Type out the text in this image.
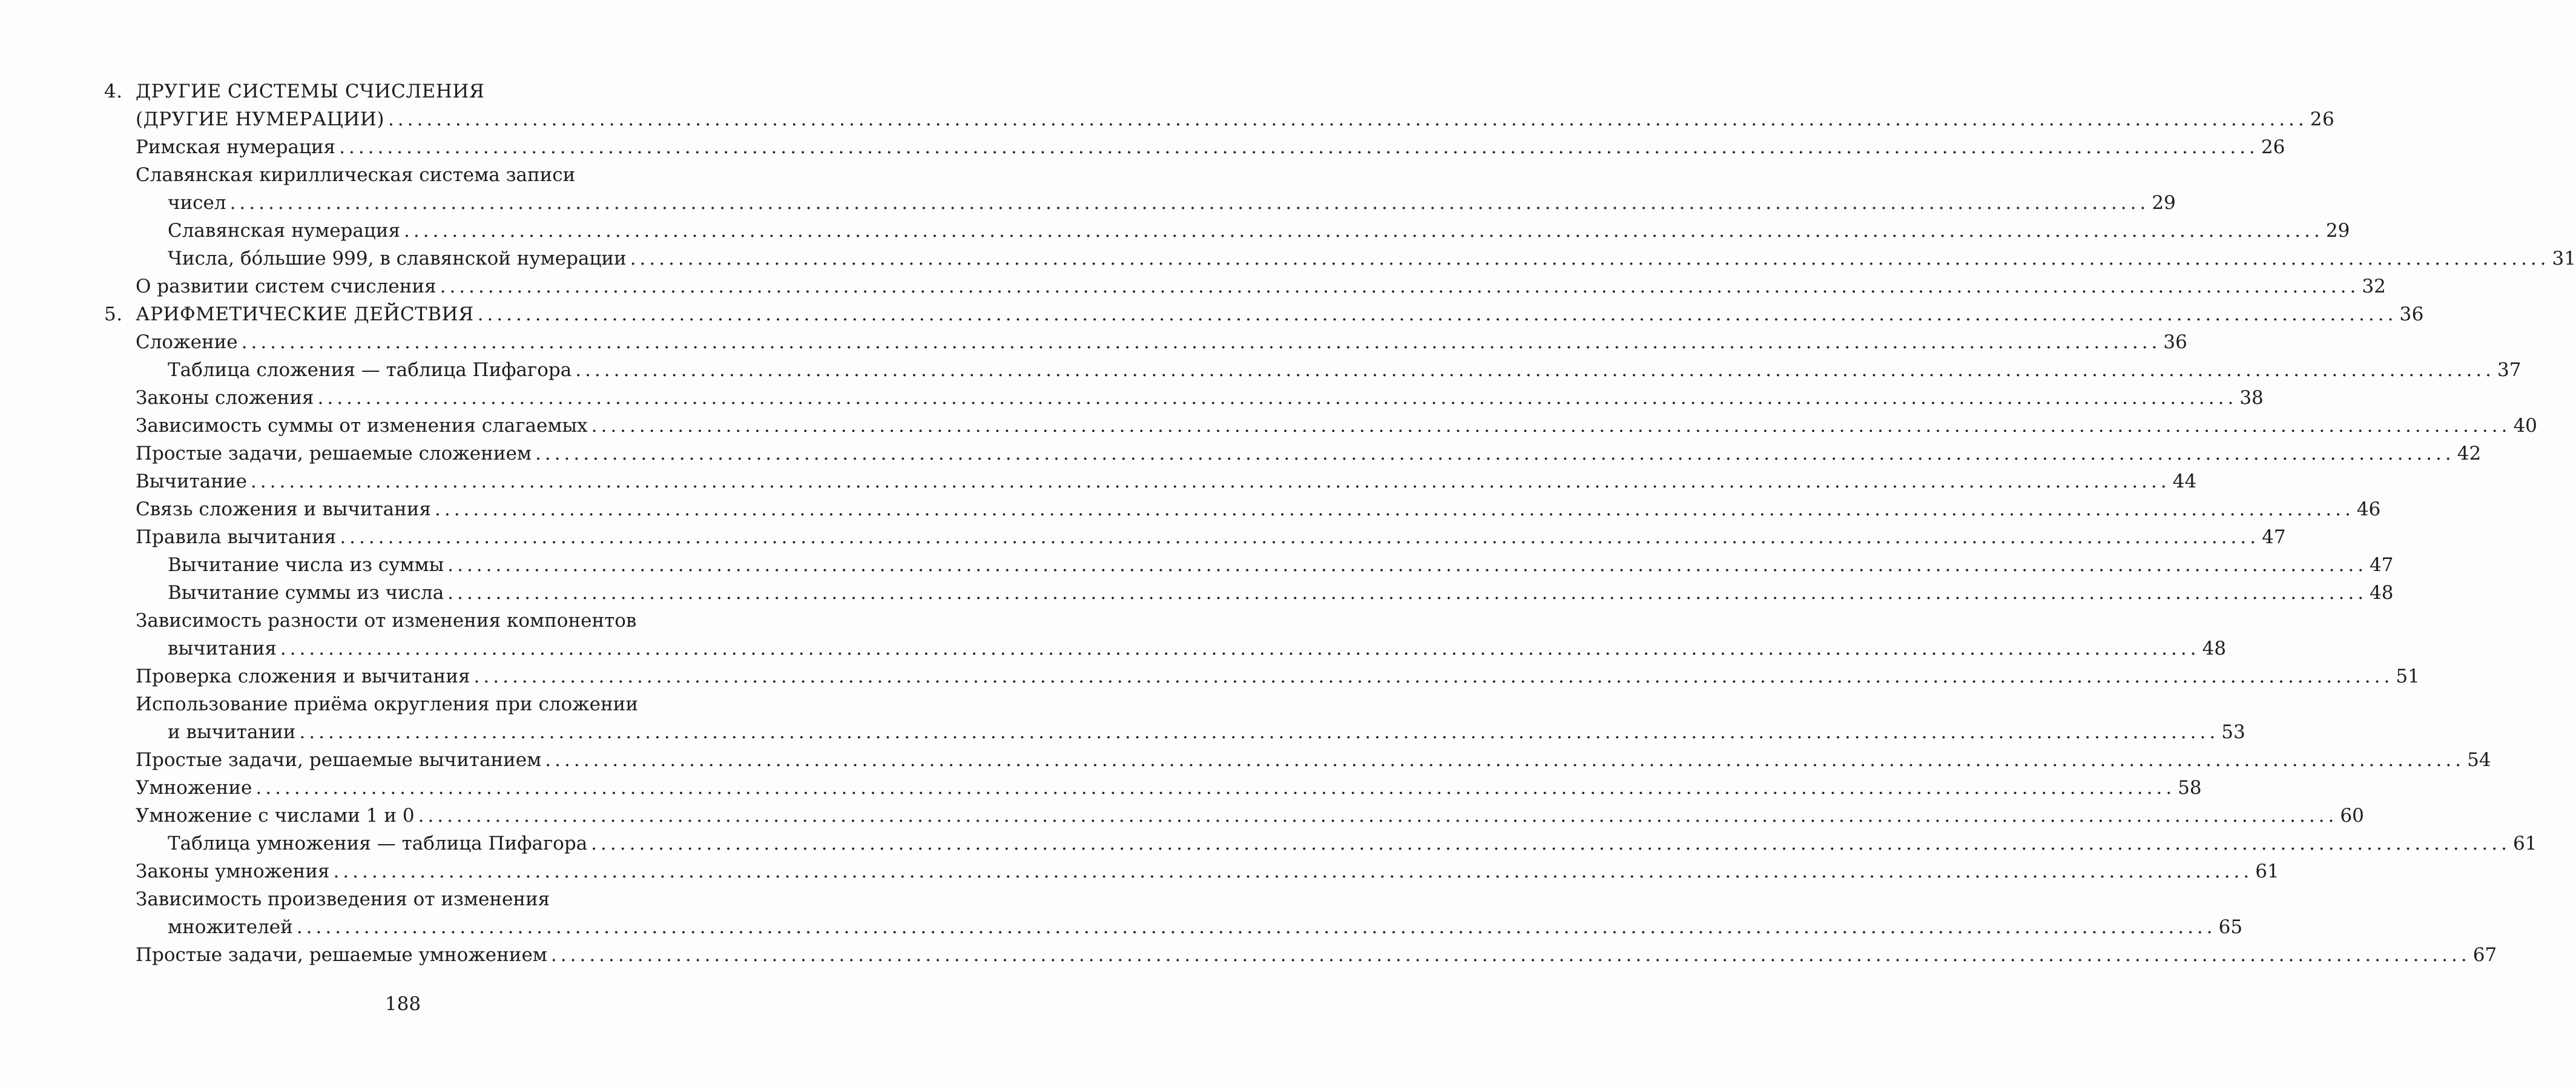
4. ДРУГИЕ СИСТЕМЫ СЧИСЛЕНИЯ
(ДРУГИЕ НУМЕРАЦИИ) ........................................................................................................................................................................................................ 26
Римская нумерация ........................................................................................................................................................................................................ 26
Славянская кириллическая система записи
чисел ........................................................................................................................................................................................................ 29
Славянская нумерация ........................................................................................................................................................................................................ 29
Числа, бóльшие 999, в славянской нумерации ........................................................................................................................................................................................................ 31
О развитии систем счисления ........................................................................................................................................................................................................ 32
5. АРИФМЕТИЧЕСКИЕ ДЕЙСТВИЯ ........................................................................................................................................................................................................ 36
Сложение ........................................................................................................................................................................................................ 36
Таблица сложения — таблица Пифагора ........................................................................................................................................................................................................ 37
Законы сложения ........................................................................................................................................................................................................ 38
Зависимость суммы от изменения слагаемых ........................................................................................................................................................................................................ 40
Простые задачи, решаемые сложением ........................................................................................................................................................................................................ 42
Вычитание ........................................................................................................................................................................................................ 44
Связь сложения и вычитания ........................................................................................................................................................................................................ 46
Правила вычитания ........................................................................................................................................................................................................ 47
Вычитание числа из суммы ........................................................................................................................................................................................................ 47
Вычитание суммы из числа ........................................................................................................................................................................................................ 48
Зависимость разности от изменения компонентов
вычитания ........................................................................................................................................................................................................ 48
Проверка сложения и вычитания ........................................................................................................................................................................................................ 51
Использование приёма округления при сложении
и вычитании ........................................................................................................................................................................................................ 53
Простые задачи, решаемые вычитанием ........................................................................................................................................................................................................ 54
Умножение ........................................................................................................................................................................................................ 58
Умножение с числами 1 и 0 ........................................................................................................................................................................................................ 60
Таблица умножения — таблица Пифагора ........................................................................................................................................................................................................ 61
Законы умножения ........................................................................................................................................................................................................ 61
Зависимость произведения от изменения
множителей ........................................................................................................................................................................................................ 65
Простые задачи, решаемые умножением ........................................................................................................................................................................................................ 67
188
